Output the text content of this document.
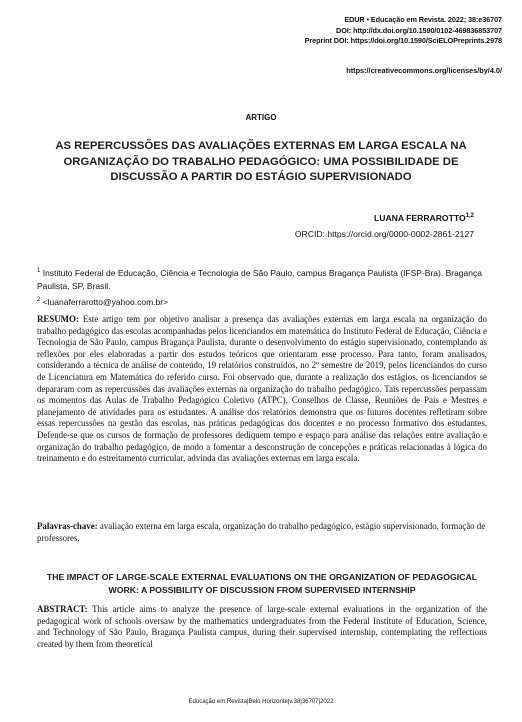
EDUR • Educação em Revista. 2022; 38:e36707
DOI: http://dx.doi.org/10.1590/0102-469836853707
Preprint DOI: https://doi.org/10.1590/SciELOPreprints.2978
https://creativecommons.org/licenses/by/4.0/
ARTIGO
AS REPERCUSSÕES DAS AVALIAÇÕES EXTERNAS EM LARGA ESCALA NA ORGANIZAÇÃO DO TRABALHO PEDAGÓGICO: UMA POSSIBILIDADE DE DISCUSSÃO A PARTIR DO ESTÁGIO SUPERVISIONADO
LUANA FERRAROTTO$^{1,2}$
ORCID: https://orcid.org/0000-0002-2861-2127
$^1$ Instituto Federal de Educação, Ciência e Tecnologia de São Paulo, campus Bragança Paulista (IFSP-Bra). Bragança Paulista, SP, Brasil.
$^2$ <luanaferrarotto@yahoo.com.br>
RESUMO: Este artigo tem por objetivo analisar a presença das avaliações externas em larga escala na organização do trabalho pedagógico das escolas acompanhadas pelos licenciandos em matemática do Instituto Federal de Educação, Ciência e Tecnologia de São Paulo, campus Bragança Paulista, durante o desenvolvimento do estágio supervisionado, contemplando as reflexões por eles elaboradas a partir dos estudos teóricos que orientaram esse processo. Para tanto, foram analisados, considerando a técnica de análise de conteúdo, 19 relatórios construídos, no 2º semestre de 2019, pelos licenciandos do curso de Licenciatura em Matemática do referido curso. Foi observado que, durante a realização dos estágios, os licenciandos se depararam com as repercussões das avaliações externas na organização do trabalho pedagógico. Tais repercussões perpassam os momentos das Aulas de Trabalho Pedagógico Coletivo (ATPC), Conselhos de Classe, Reuniões de Pais e Mestres e planejamento de atividades para os estudantes. A análise dos relatórios demonstra que os futuros docentes refletiram sobre essas repercussões na gestão das escolas, nas práticas pedagógicas dos docentes e no processo formativo dos estudantes. Defende-se que os cursos de formação de professores dediquem tempo e espaço para análise das relações entre avaliação e organização do trabalho pedagógico, de modo a fomentar a desconstrução de concepções e práticas relacionadas à lógica do treinamento e do estreitamento curricular, advinda das avaliações externas em larga escala.
Palavras-chave: avaliação externa em larga escala, organização do trabalho pedagógico, estágio supervisionado, formação de professores.
THE IMPACT OF LARGE-SCALE EXTERNAL EVALUATIONS ON THE ORGANIZATION OF PEDAGOGICAL WORK: A POSSIBILITY OF DISCUSSION FROM SUPERVISED INTERNSHIP
ABSTRACT: This article aims to analyze the presence of large-scale external evaluations in the organization of the pedagogical work of schools oversaw by the mathematics undergraduates from the Federal Institute of Education, Science, and Technology of São Paulo, Bragança Paulista campus, during their supervised internship, contemplating the reflections created by them from theoretical
Educação em Revista|Belo Horizonte|v.38|36707|2022
